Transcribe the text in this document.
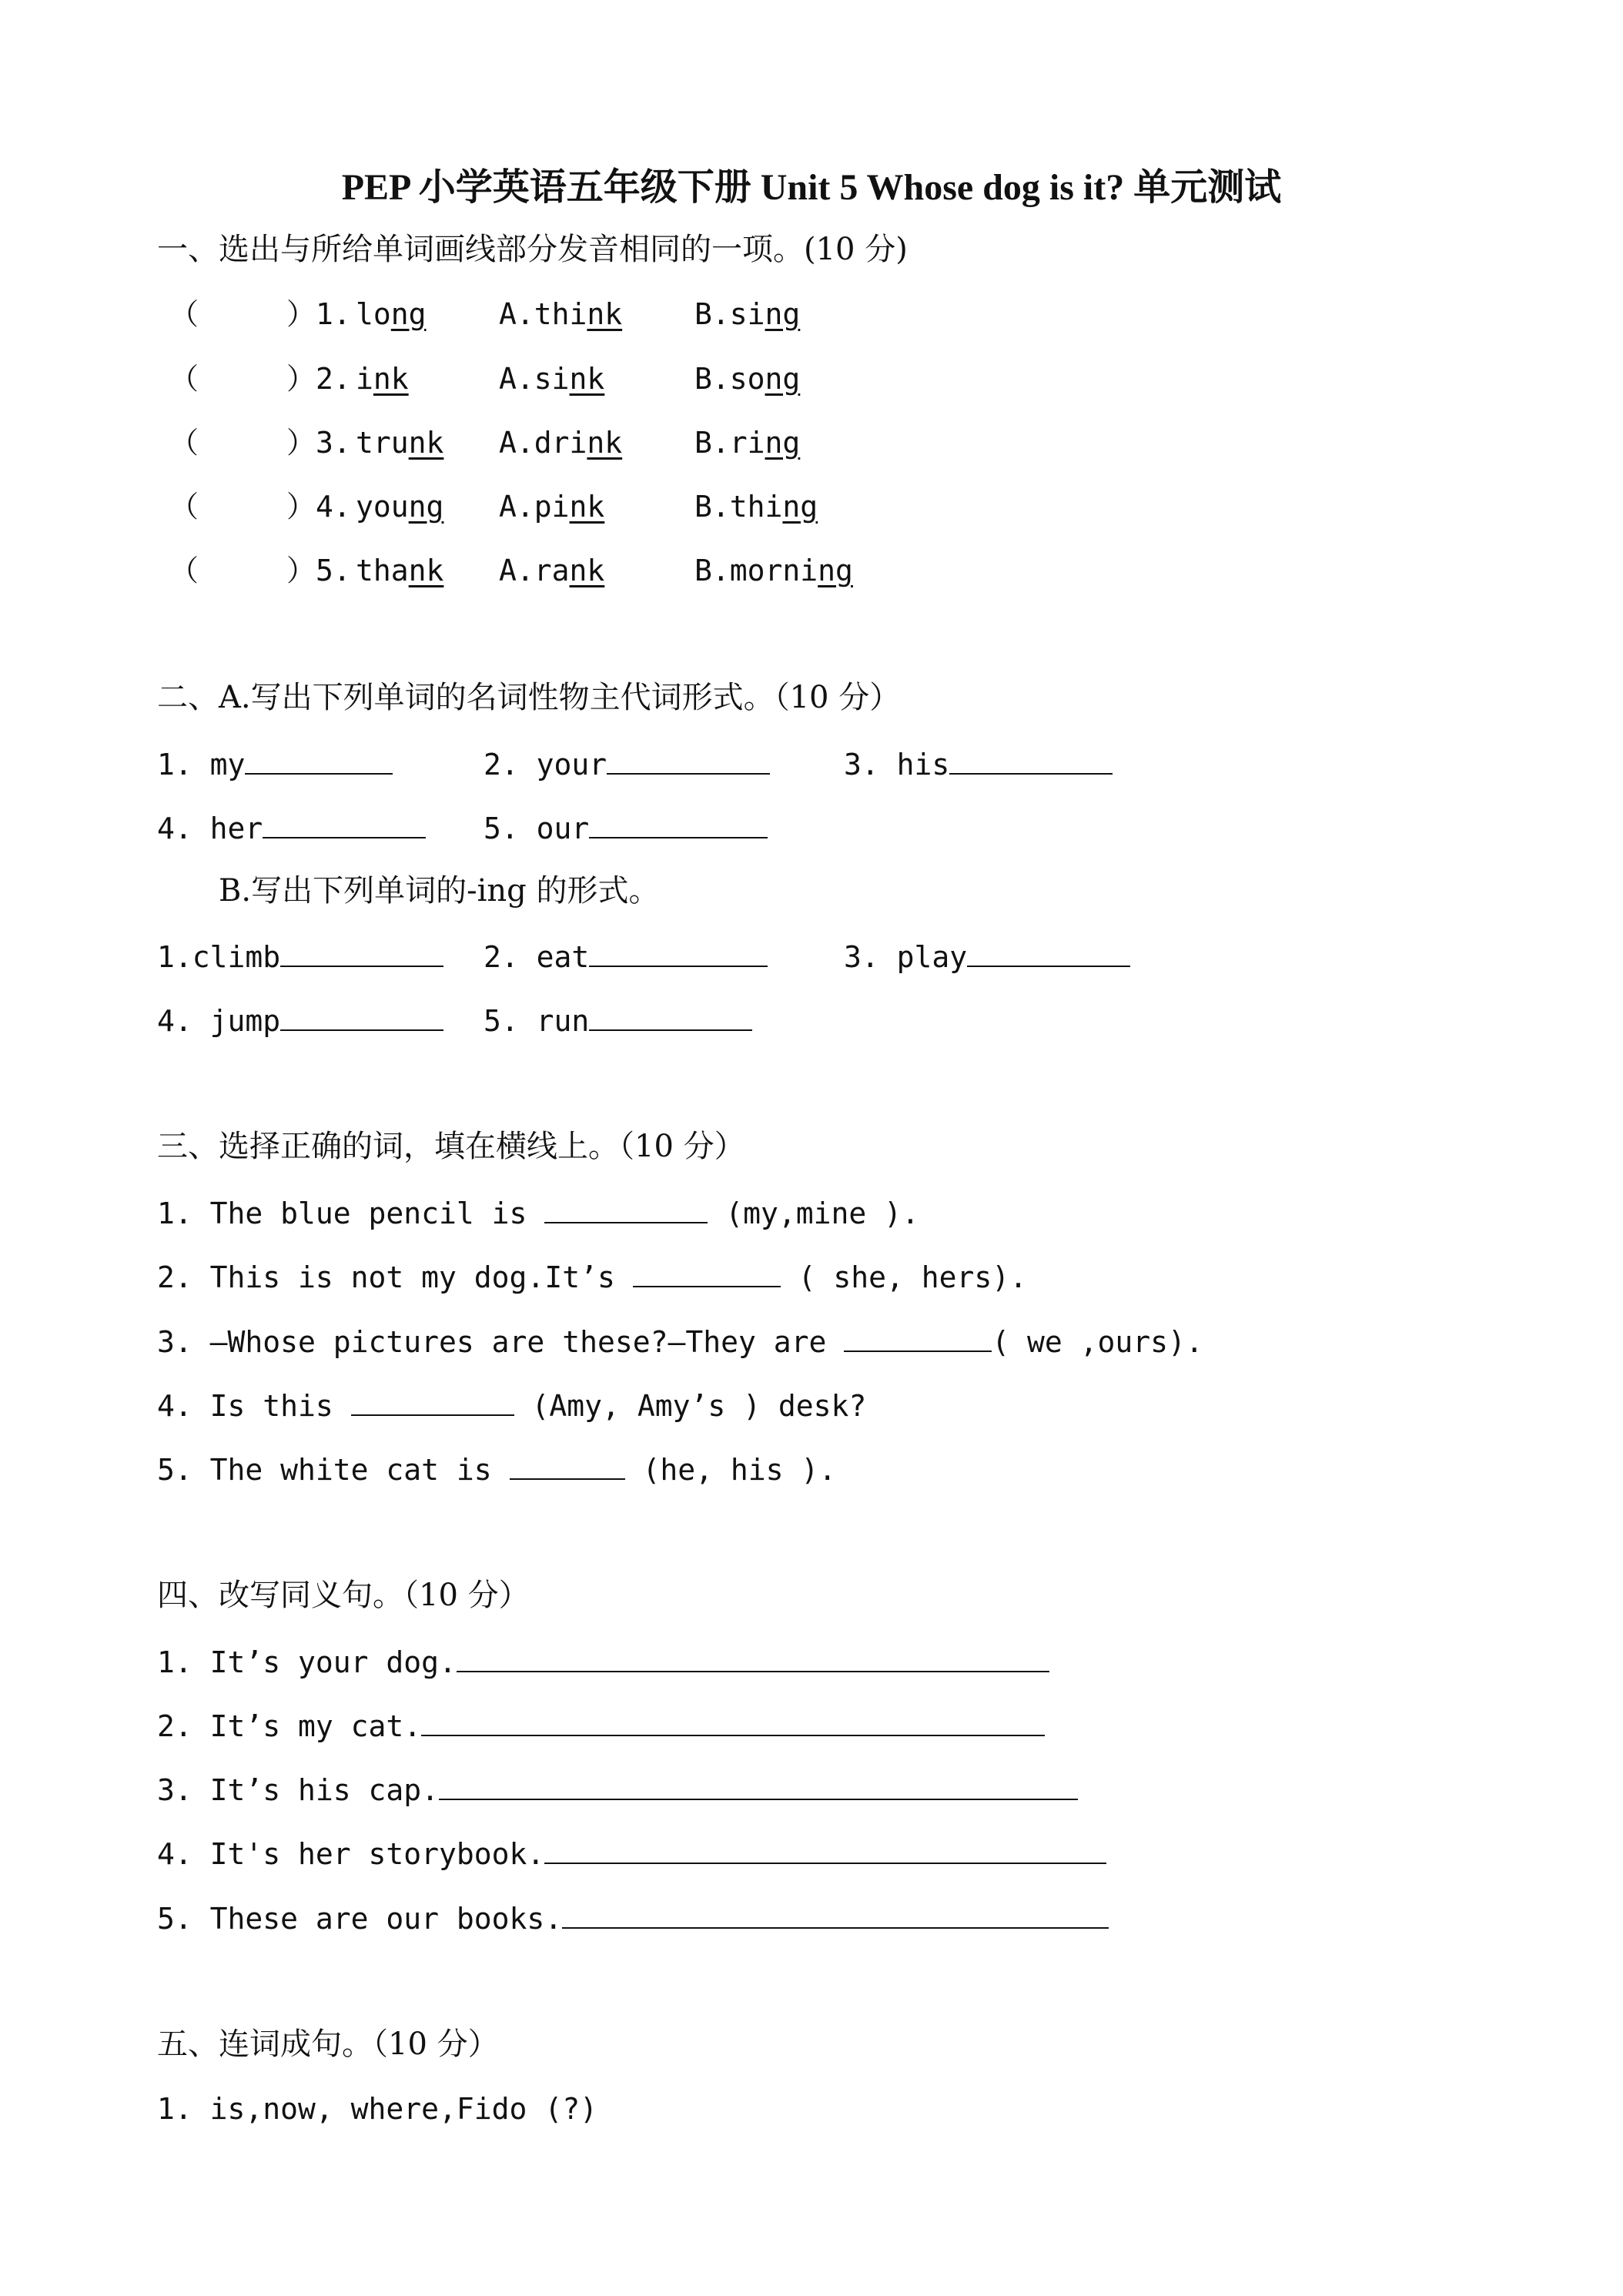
PEP 小学英语五年级下册 Unit 5 Whose dog is it? 单元测试
一、选出与所给单词画线部分发音相同的一项。(10 分)
（	）1. long A.think B.sing
（	）2. ink	A.sink	B.song
（	）3. trunk A.drink B.ring
（	）4. young A.pink	B.thing
（	）5. thank A.rank	B.morning
二、A.写出下列单词的名词性物主代词形式。（10 分）
1. my	2. your	3. his
4. her	5. our
B.写出下列单词的-ing 的形式。
1.climb	2. eat	3. play
4. jump	5. run
三、选择正确的词，填在横线上。（10 分）
1. The blue pencil is	(my,mine ).
2. This is not my dog.It’s	( she, hers).
3. —Whose pictures are these?—They are	( we ,ours).
4. Is this	(Amy, Amy’s ) desk?
5. The white cat is	(he, his ).
四、改写同义句。（10 分）
1. It’s your dog.
2. It’s my cat.
3. It’s his cap.
4. It's her storybook.
5. These are our books.
五、连词成句。（10 分）
1. is,now, where,Fido (?)
